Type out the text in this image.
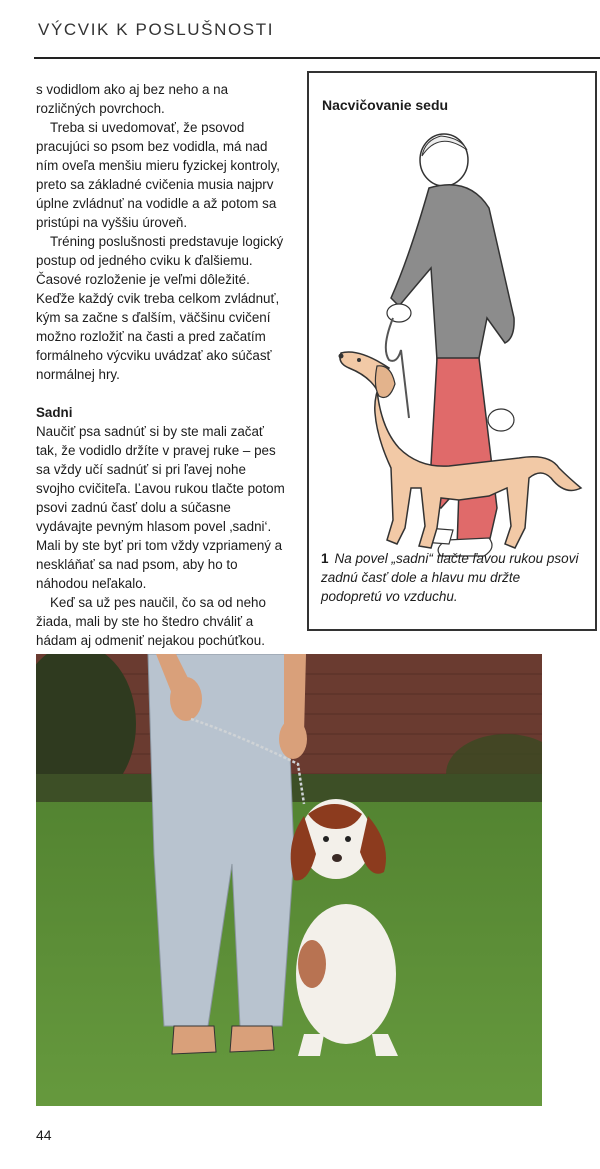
VÝCVIK K POSLUŠNOSTI

s vodidlom ako aj bez neho a na rozličných povrchoch.

Treba si uvedomovať, že psovod pracujúci so psom bez vodidla, má nad ním oveľa menšiu mieru fyzickej kontroly, preto sa základné cvičenia musia najprv úplne zvládnuť na vodidle a až potom sa pristúpi na vyššiu úroveň.

Tréning poslušnosti predstavuje logický postup od jedného cviku k ďalšiemu. Časové rozloženie je veľmi dôležité. Keďže každý cvik treba celkom zvládnuť, kým sa začne s ďalším, väčšinu cvičení možno rozložiť na časti a pred začatím formálneho výcviku uvádzať ako súčasť normálnej hry.

Sadni

Naučiť psa sadnúť si by ste mali začať tak, že vodidlo držíte v pravej ruke – pes sa vždy učí sadnúť si pri ľavej nohe svojho cvičiteľa. Ľavou rukou tlačte potom psovi zadnú časť dolu a súčasne vydávajte pevným hlasom povel ‚sadni‘. Mali by ste byť pri tom vždy vzpriamený a neskláňať sa nad psom, aby ho to náhodou neľakalo.

Keď sa už pes naučil, čo sa od neho žiada, mali by ste ho štedro chváliť a hádam aj odmeniť nejakou pochúťkou.

Nacvičovanie sedu
1 Na povel „sadni“ tlačte ľavou rukou psovi zadnú časť dole a hlavu mu držte podopretú vo vzduchu.
44
